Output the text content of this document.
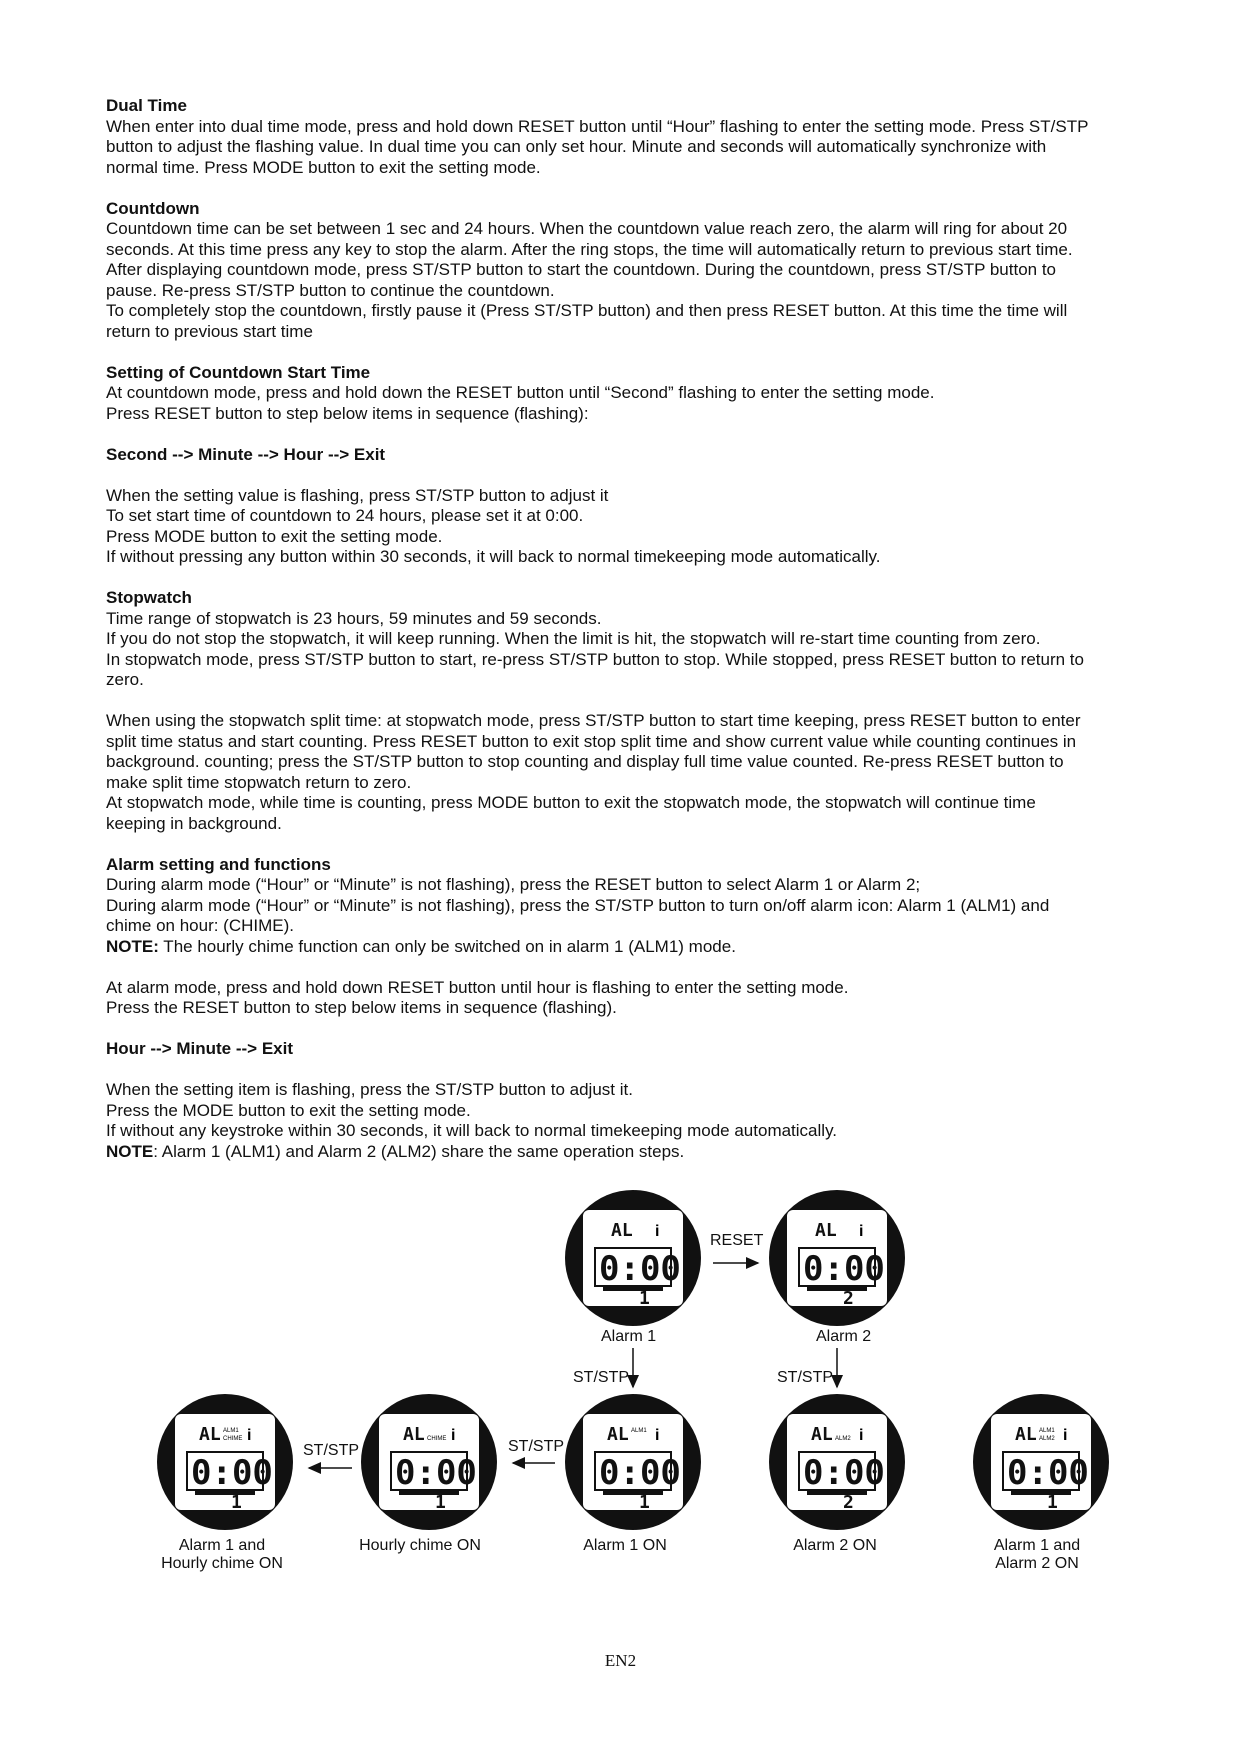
Dual Time

When enter into dual time mode, press and hold down RESET button until “Hour” flashing to enter the setting mode. Press ST/STP

button to adjust the flashing value. In dual time you can only set hour. Minute and seconds will automatically synchronize with

normal time. Press MODE button to exit the setting mode.

Countdown

Countdown time can be set between 1 sec and 24 hours. When the countdown value reach zero, the alarm will ring for about 20

seconds. At this time press any key to stop the alarm. After the ring stops, the time will automatically return to previous start time.

After displaying countdown mode, press ST/STP button to start the countdown. During the countdown, press ST/STP button to

pause. Re-press ST/STP button to continue the countdown.

To completely stop the countdown, firstly pause it (Press ST/STP button) and then press RESET button. At this time the time will

return to previous start time

Setting of Countdown Start Time

At countdown mode, press and hold down the RESET button until “Second” flashing to enter the setting mode.

Press RESET button to step below items in sequence (flashing):

Second --> Minute --> Hour --> Exit

When the setting value is flashing, press ST/STP button to adjust it

To set start time of countdown to 24 hours, please set it at 0:00.

Press MODE button to exit the setting mode.

If without pressing any button within 30 seconds, it will back to normal timekeeping mode automatically.

Stopwatch

Time range of stopwatch is 23 hours, 59 minutes and 59 seconds.

If you do not stop the stopwatch, it will keep running. When the limit is hit, the stopwatch will re-start time counting from zero.

In stopwatch mode, press ST/STP button to start, re-press ST/STP button to stop. While stopped, press RESET button to return to

zero.

When using the stopwatch split time: at stopwatch mode, press ST/STP button to start time keeping, press RESET button to enter

split time status and start counting. Press RESET button to exit stop split time and show current value while counting continues in

background. counting; press the ST/STP button to stop counting and display full time value counted. Re-press RESET button to

make split time stopwatch return to zero.

At stopwatch mode, while time is counting, press MODE button to exit the stopwatch mode, the stopwatch will continue time

keeping in background.

Alarm setting and functions

During alarm mode (“Hour” or “Minute” is not flashing), press the RESET button to select Alarm 1 or Alarm 2;

During alarm mode (“Hour” or “Minute” is not flashing), press the ST/STP button to turn on/off alarm icon: Alarm 1 (ALM1) and

chime on hour: (CHIME).

NOTE: The hourly chime function can only be switched on in alarm 1 (ALM1) mode.

At alarm mode, press and hold down RESET button until hour is flashing to enter the setting mode.

Press the RESET button to step below items in sequence (flashing).

Hour --> Minute --> Exit

When the setting item is flashing, press the ST/STP button to adjust it.

Press the MODE button to exit the setting mode.

If without any keystroke within 30 seconds, it will back to normal timekeeping mode automatically.

NOTE: Alarm 1 (ALM1) and Alarm 2 (ALM2) share the same operation steps.

AL i
0:00
1
AL i
0:00
2
AL ALM1
CHIME i
0:00
1
AL CHIME i
0:00
1
AL ALM1 i
0:00
1
AL ALM2 i
0:00
2
AL ALM1
ALM2 i
0:00
1
RESET
Alarm 1	Alarm 2
ST/STP	ST/STP
ST/STP
ST/STP
Alarm 1 and
Hourly chime ON
Hourly chime ON	Alarm 1 ON	Alarm 2 ON	Alarm 1 and
Alarm 2 ON
EN2
